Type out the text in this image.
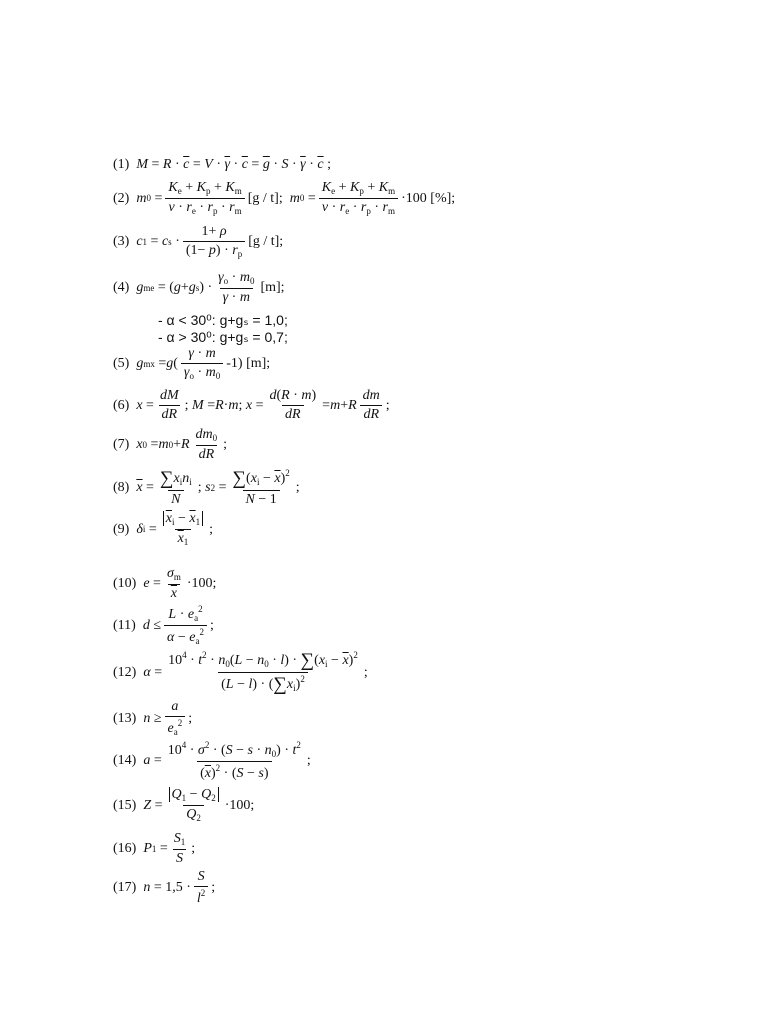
(1) $M = R \cdot \overline{c} = V \cdot \overline{\gamma} \cdot \overline{c} = \overline{g} \cdot S \cdot \overline{\gamma} \cdot \overline{c}$ ;
(2) m $0 = \frac{K_e + K_p + K_m}{v \cdot r_e \cdot r_p \cdot r_m} [g / t]$;
m $0 = \frac{K_e + K_p + K_m}{v \cdot r_e \cdot r_p \cdot r_m} \cdot 100$ [%];
(3) c 1 = c $s \cdot \frac{1+ \rho}{(1- p) \cdot r_p} [g / t]$;
(4) g me = ( g + g s ) · $\frac{\gamma_o \cdot m_0}{\gamma \cdot m} [m]$;
- α < 30⁰: g+gₛ = 1,0;
- α > 30⁰: g+gₛ = 0,7;
(5) g mx = g ( $\frac{\gamma \cdot m}{\gamma_o \cdot m_0} -1$) [m];
(6) $x = \frac{dM}{dR}$ ; M = R · m ; $x = \frac{d(R \cdot m)}{dR} = m + R \frac{dm}{dR}$ ;
(7) x 0 = m 0 + R $\frac{dm_0}{dR}$ ;
(8) $\overline{x} = \frac{\sum x_in_i}{N}$ ; s $2 = \frac{\sum(x_i - \overline{x})^2}{N - 1}$ ;
(9) δ $i = \frac{\overline{x}_i - \overline{x}_1}{\overline{x}_1}$ ;
(10) $e = \frac{\sigma_m}{x} \cdot 100$;
(11) $d \le \frac{L \cdot e_a^2}{\alpha - e_a^2}$ ;
(12) $\alpha = \frac{10^4 \cdot t^2 \cdot n_0(L - n_0 \cdot l) \cdot \sum(x_i - \overline{x})^2}{(L - l) \cdot (\sum x_i)^2}$ ;
(13) $n \ge \frac{a}{e_a^2}$ ;
(14) $a = \frac{10^4 \cdot \sigma^2 \cdot (S - s \cdot n_0) \cdot t^2}{(\overline{x})^2 \cdot (S - s)}$ ;
(15) $Z = \frac{Q_1 - Q_2}{Q_2} \cdot 100$;
(16) P $1 = \frac{S_1}{S}$ ;
(17) $n = 1,5 \cdot \frac{S}{l^2}$ ;
